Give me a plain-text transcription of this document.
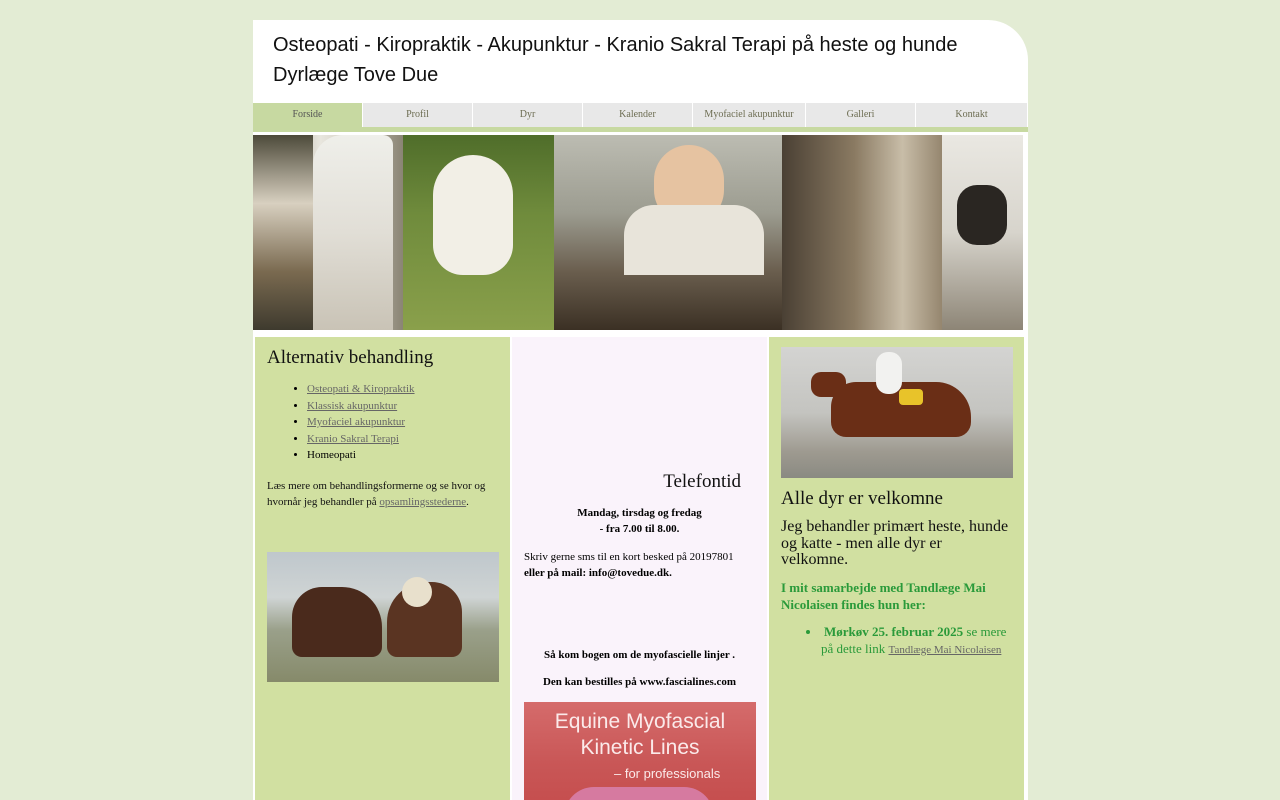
Osteopati - Kiropraktik - Akupunktur - Kranio Sakral Terapi på heste og hunde
Dyrlæge Tove Due
Forside	Profil	Dyr	Kalender	Myofaciel akupunktur	Galleri	Kontakt
Alternativ behandling
• Osteopati & Kiropraktik
• Klassisk akupunktur
• Myofaciel akupunktur
• Kranio Sakral Terapi
• Homeopati

Læs mere om behandlingsformerne og se hvor og hvornår jeg behandler på opsamlingsstederne.

Telefontid
Mandag, tirsdag og fredag
- fra 7.00 til 8.00.
Skriv gerne sms til en kort besked på 20197801
eller på mail: info@tovedue.dk.
Så kom bogen om de myofascielle linjer .
Den kan bestilles på www.fascialines.com
Equine Myofascial
Kinetic Lines
– for professionals
Alle dyr er velkomne
Jeg behandler primært heste, hunde og katte - men alle dyr er velkomne.
I mit samarbejde med Tandlæge Mai Nicolaisen findes hun her:
• Mørkøv 25. februar 2025 se mere på dette link Tandlæge Mai Nicolaisen
